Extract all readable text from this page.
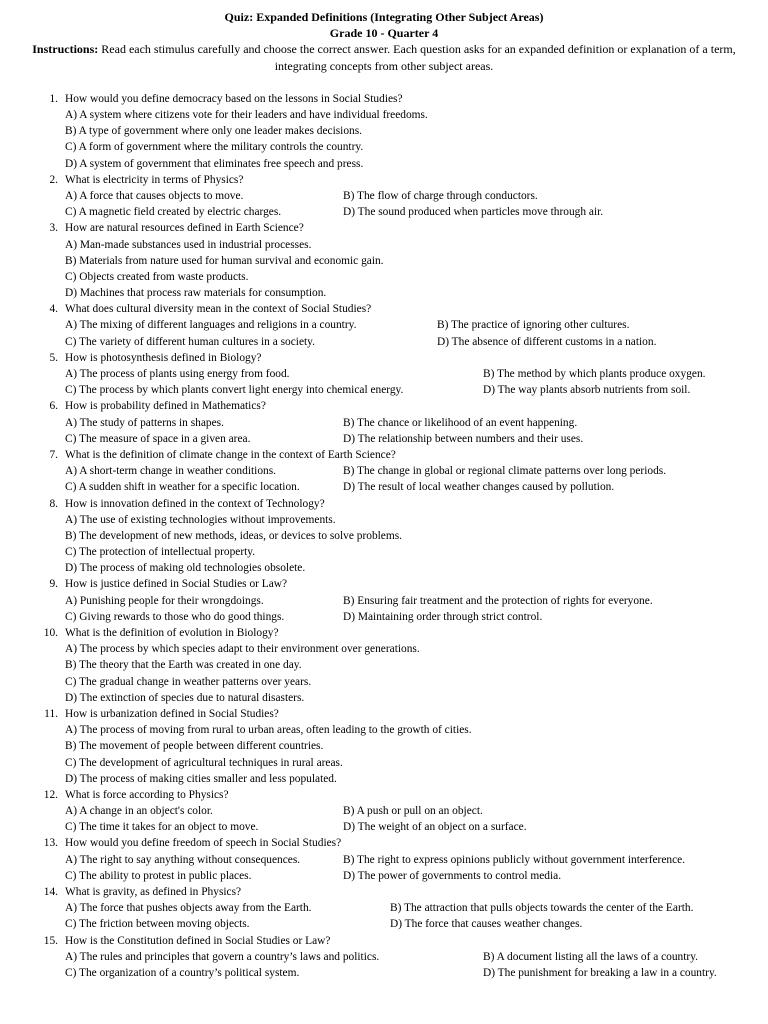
Quiz: Expanded Definitions (Integrating Other Subject Areas)
Grade 10 - Quarter 4
Instructions: Read each stimulus carefully and choose the correct answer. Each question asks for an expanded definition or explanation of a term, integrating concepts from other subject areas.
1. How would you define democracy based on the lessons in Social Studies?
A) A system where citizens vote for their leaders and have individual freedoms.
B) A type of government where only one leader makes decisions.
C) A form of government where the military controls the country.
D) A system of government that eliminates free speech and press.
2. What is electricity in terms of Physics?
A) A force that causes objects to move.	B) The flow of charge through conductors.
C) A magnetic field created by electric charges.	D) The sound produced when particles move through air.
3. How are natural resources defined in Earth Science?
A) Man-made substances used in industrial processes.
B) Materials from nature used for human survival and economic gain.
C) Objects created from waste products.
D) Machines that process raw materials for consumption.
4. What does cultural diversity mean in the context of Social Studies?
A) The mixing of different languages and religions in a country.	B) The practice of ignoring other cultures.
C) The variety of different human cultures in a society.	D) The absence of different customs in a nation.
5. How is photosynthesis defined in Biology?
A) The process of plants using energy from food.	B) The method by which plants produce oxygen.
C) The process by which plants convert light energy into chemical energy.	D) The way plants absorb nutrients from soil.
6. How is probability defined in Mathematics?
A) The study of patterns in shapes.	B) The chance or likelihood of an event happening.
C) The measure of space in a given area.	D) The relationship between numbers and their uses.
7. What is the definition of climate change in the context of Earth Science?
A) A short-term change in weather conditions.	B) The change in global or regional climate patterns over long periods.
C) A sudden shift in weather for a specific location.	D) The result of local weather changes caused by pollution.
8. How is innovation defined in the context of Technology?
A) The use of existing technologies without improvements.
B) The development of new methods, ideas, or devices to solve problems.
C) The protection of intellectual property.
D) The process of making old technologies obsolete.
9. How is justice defined in Social Studies or Law?
A) Punishing people for their wrongdoings.	B) Ensuring fair treatment and the protection of rights for everyone.
C) Giving rewards to those who do good things.	D) Maintaining order through strict control.
10. What is the definition of evolution in Biology?
A) The process by which species adapt to their environment over generations.
B) The theory that the Earth was created in one day.
C) The gradual change in weather patterns over years.
D) The extinction of species due to natural disasters.
11. How is urbanization defined in Social Studies?
A) The process of moving from rural to urban areas, often leading to the growth of cities.
B) The movement of people between different countries.
C) The development of agricultural techniques in rural areas.
D) The process of making cities smaller and less populated.
12. What is force according to Physics?
A) A change in an object's color.	B) A push or pull on an object.
C) The time it takes for an object to move.	D) The weight of an object on a surface.
13. How would you define freedom of speech in Social Studies?
A) The right to say anything without consequences.	B) The right to express opinions publicly without government interference.
C) The ability to protest in public places.	D) The power of governments to control media.
14. What is gravity, as defined in Physics?
A) The force that pushes objects away from the Earth.	B) The attraction that pulls objects towards the center of the Earth.
C) The friction between moving objects.	D) The force that causes weather changes.
15. How is the Constitution defined in Social Studies or Law?
A) The rules and principles that govern a country’s laws and politics.	B) A document listing all the laws of a country.
C) The organization of a country’s political system.	D) The punishment for breaking a law in a country.
